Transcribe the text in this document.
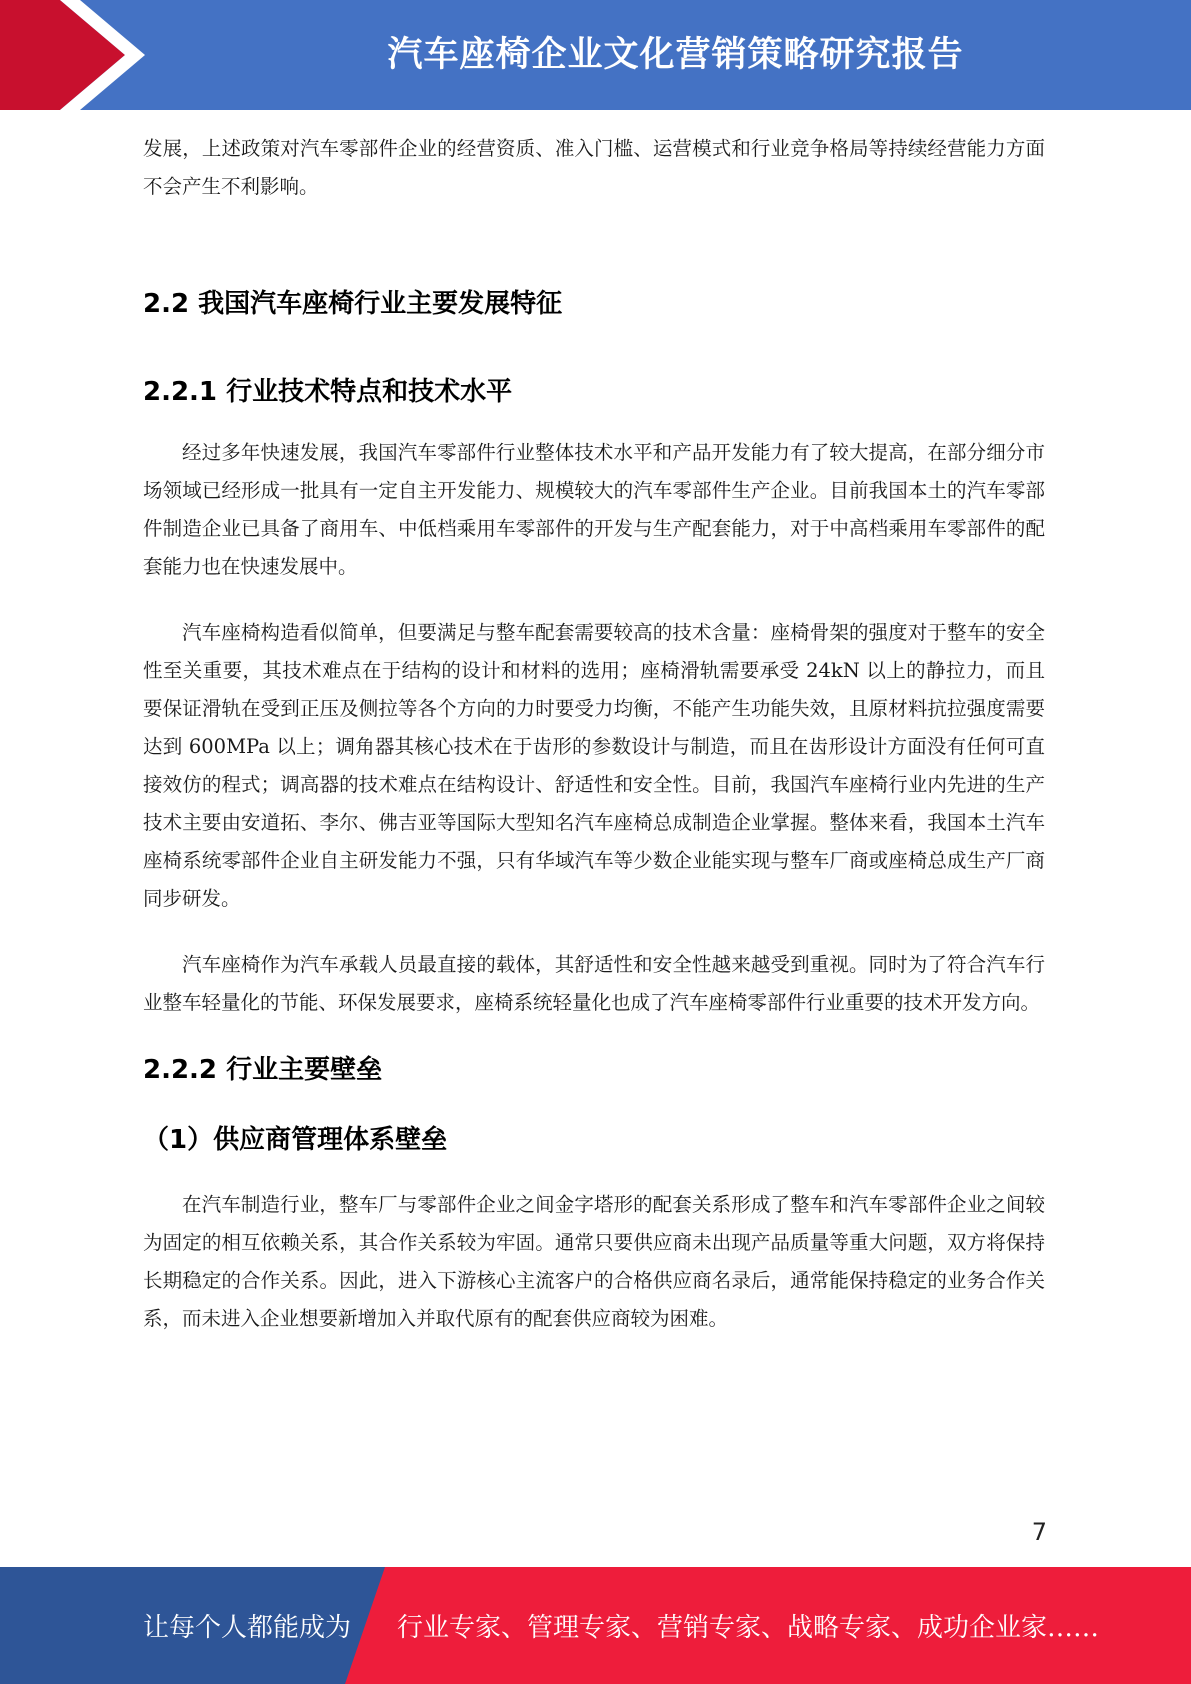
汽车座椅企业文化营销策略研究报告

发展，上述政策对汽车零部件企业的经营资质、准入门槛、运营模式和行业竞争格局等持续经营能力方面不会产生不利影响。

2.2 我国汽车座椅行业主要发展特征
2.2.1 行业技术特点和技术水平

经过多年快速发展，我国汽车零部件行业整体技术水平和产品开发能力有了较大提高，在部分细分市场领域已经形成一批具有一定自主开发能力、规模较大的汽车零部件生产企业。目前我国本土的汽车零部件制造企业已具备了商用车、中低档乘用车零部件的开发与生产配套能力，对于中高档乘用车零部件的配套能力也在快速发展中。

汽车座椅构造看似简单，但要满足与整车配套需要较高的技术含量：座椅骨架的强度对于整车的安全性至关重要，其技术难点在于结构的设计和材料的选用；座椅滑轨需要承受 24kN 以上的静拉力，而且要保证滑轨在受到正压及侧拉等各个方向的力时要受力均衡，不能产生功能失效，且原材料抗拉强度需要达到 600MPa 以上；调角器其核心技术在于齿形的参数设计与制造，而且在齿形设计方面没有任何可直接效仿的程式；调高器的技术难点在结构设计、舒适性和安全性。目前，我国汽车座椅行业内先进的生产技术主要由安道拓、李尔、佛吉亚等国际大型知名汽车座椅总成制造企业掌握。整体来看，我国本土汽车座椅系统零部件企业自主研发能力不强，只有华域汽车等少数企业能实现与整车厂商或座椅总成生产厂商同步研发。

汽车座椅作为汽车承载人员最直接的载体，其舒适性和安全性越来越受到重视。同时为了符合汽车行业整车轻量化的节能、环保发展要求，座椅系统轻量化也成了汽车座椅零部件行业重要的技术开发方向。

2.2.2 行业主要壁垒
（1）供应商管理体系壁垒

在汽车制造行业，整车厂与零部件企业之间金字塔形的配套关系形成了整车和汽车零部件企业之间较为固定的相互依赖关系，其合作关系较为牢固。通常只要供应商未出现产品质量等重大问题，双方将保持长期稳定的合作关系。因此，进入下游核心主流客户的合格供应商名录后，通常能保持稳定的业务合作关系，而未进入企业想要新增加入并取代原有的配套供应商较为困难。

7
让每个人都能成为 行业专家、管理专家、营销专家、战略专家、成功企业家……
